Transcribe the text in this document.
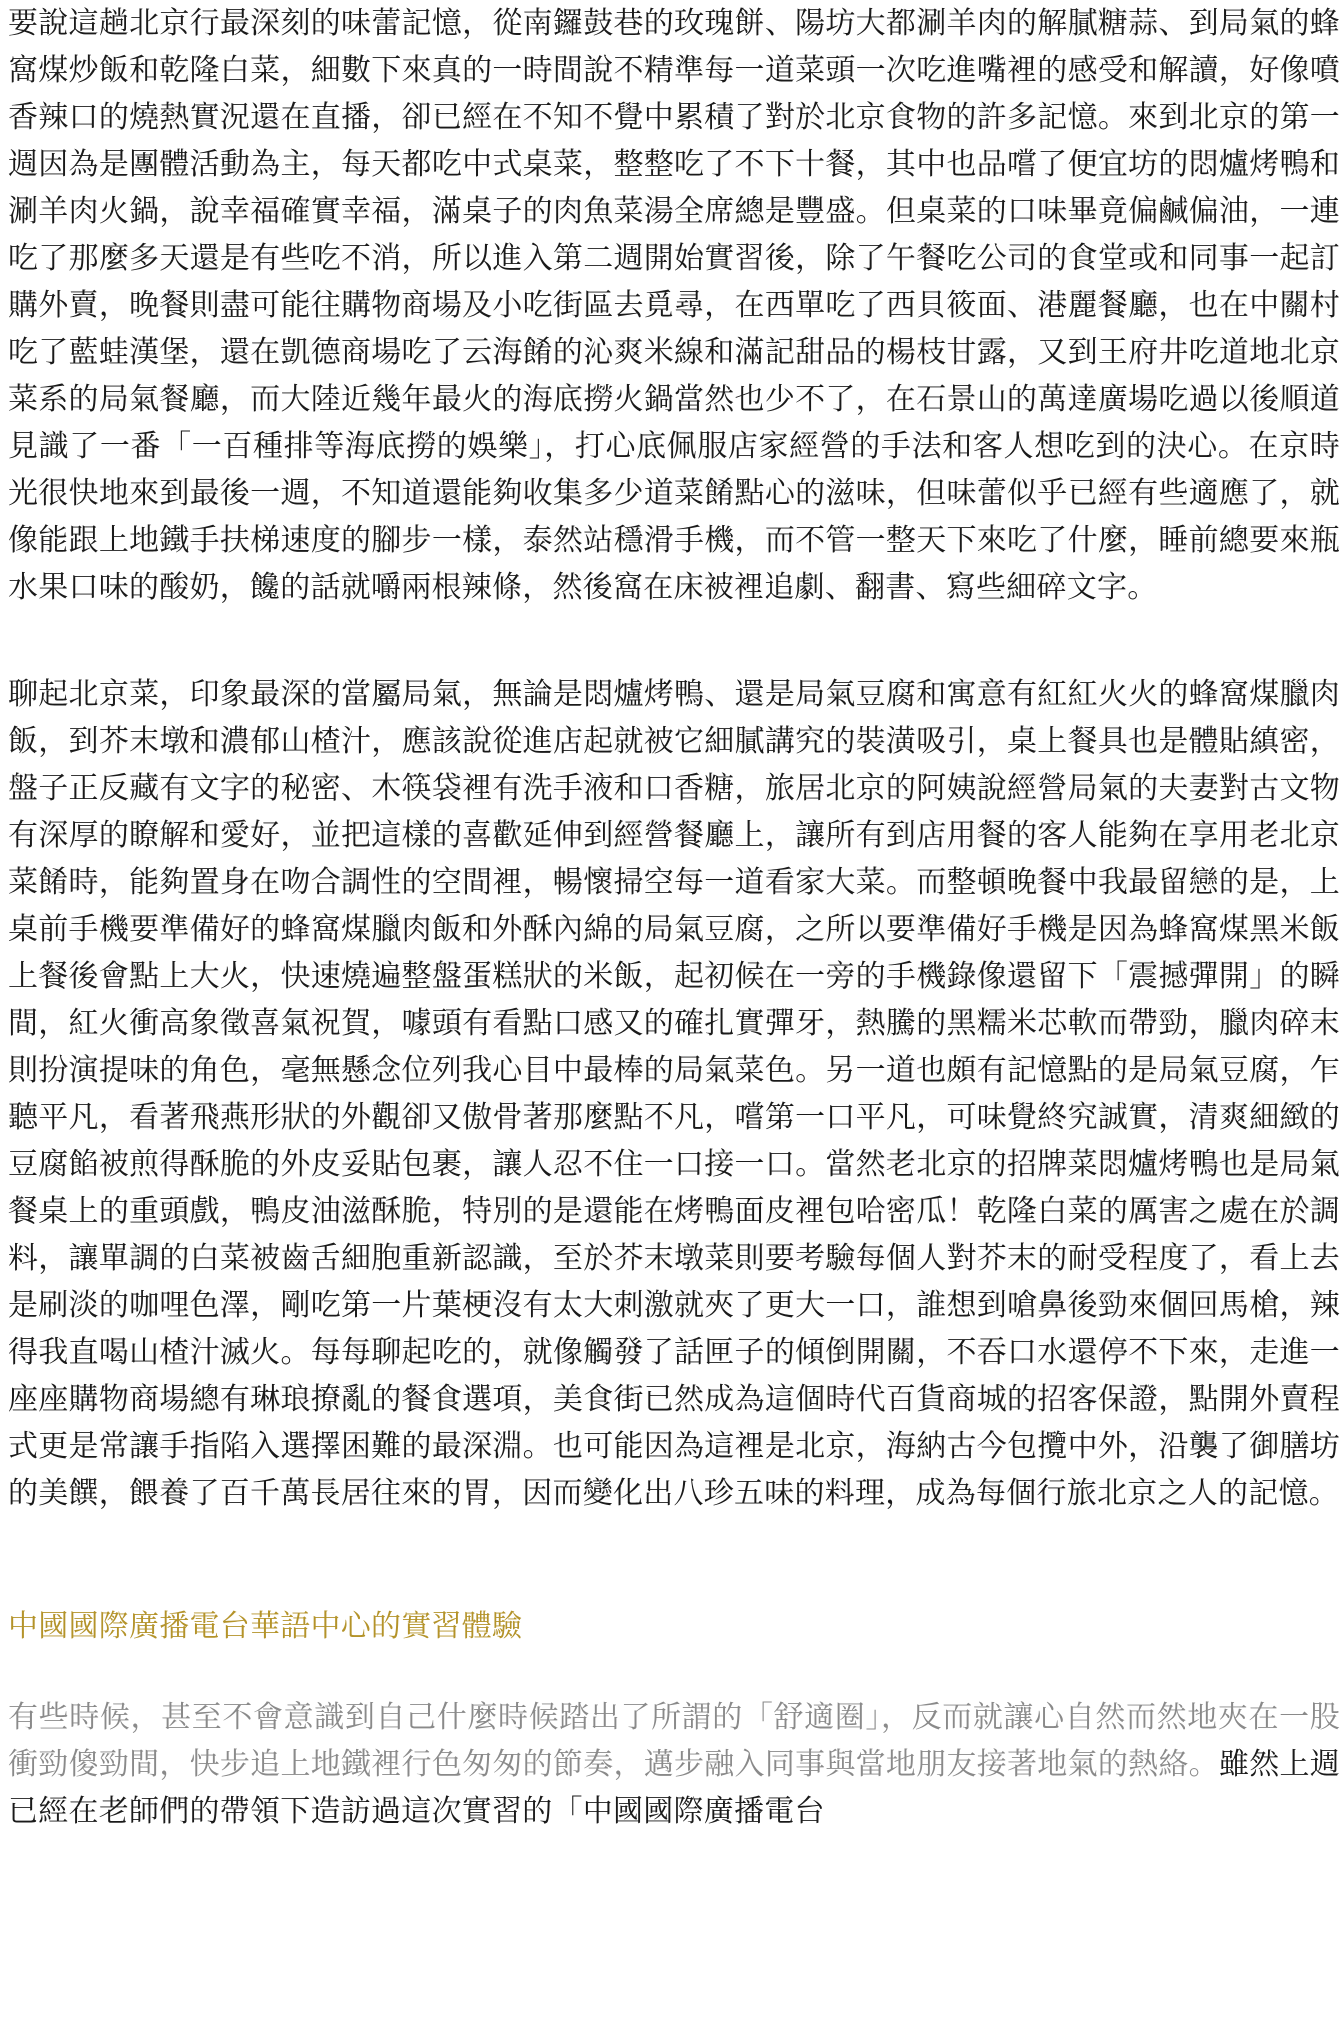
要說這趟北京行最深刻的味蕾記憶，從南鑼鼓巷的玫瑰餅、陽坊大都涮羊肉的解膩糖蒜、到局氣的蜂窩煤炒飯和乾隆白菜，細數下來真的一時間說不精準每一道菜頭一次吃進嘴裡的感受和解讀，好像噴香辣口的燒熱實況還在直播，卻已經在不知不覺中累積了對於北京食物的許多記憶。來到北京的第一週因為是團體活動為主，每天都吃中式桌菜，整整吃了不下十餐，其中也品嚐了便宜坊的悶爐烤鴨和涮羊肉火鍋，說幸福確實幸福，滿桌子的肉魚菜湯全席總是豐盛。但桌菜的口味畢竟偏鹹偏油，一連吃了那麼多天還是有些吃不消，所以進入第二週開始實習後，除了午餐吃公司的食堂或和同事一起訂購外賣，晚餐則盡可能往購物商場及小吃街區去覓尋，在西單吃了西貝筱面、港麗餐廳，也在中關村吃了藍蛙漢堡，還在凱德商場吃了云海餚的沁爽米線和滿記甜品的楊枝甘露，又到王府井吃道地北京菜系的局氣餐廳，而大陸近幾年最火的海底撈火鍋當然也少不了，在石景山的萬達廣場吃過以後順道見識了一番「一百種排等海底撈的娛樂」，打心底佩服店家經營的手法和客人想吃到的決心。在京時光很快地來到最後一週，不知道還能夠收集多少道菜餚點心的滋味，但味蕾似乎已經有些適應了，就像能跟上地鐵手扶梯速度的腳步一樣，泰然站穩滑手機，而不管一整天下來吃了什麼，睡前總要來瓶水果口味的酸奶，饞的話就嚼兩根辣條，然後窩在床被裡追劇、翻書、寫些細碎文字。

聊起北京菜，印象最深的當屬局氣，無論是悶爐烤鴨、還是局氣豆腐和寓意有紅紅火火的蜂窩煤臘肉飯，到芥末墩和濃郁山楂汁，應該說從進店起就被它細膩講究的裝潢吸引，桌上餐具也是體貼縝密，盤子正反藏有文字的秘密、木筷袋裡有洗手液和口香糖，旅居北京的阿姨說經營局氣的夫妻對古文物有深厚的瞭解和愛好，並把這樣的喜歡延伸到經營餐廳上，讓所有到店用餐的客人能夠在享用老北京菜餚時，能夠置身在吻合調性的空間裡，暢懷掃空每一道看家大菜。而整頓晚餐中我最留戀的是，上桌前手機要準備好的蜂窩煤臘肉飯和外酥內綿的局氣豆腐，之所以要準備好手機是因為蜂窩煤黑米飯上餐後會點上大火，快速燒遍整盤蛋糕狀的米飯，起初候在一旁的手機錄像還留下「震撼彈開」的瞬間，紅火衝高象徵喜氣祝賀，噱頭有看點口感又的確扎實彈牙，熱騰的黑糯米芯軟而帶勁，臘肉碎末則扮演提味的角色，毫無懸念位列我心目中最棒的局氣菜色。另一道也頗有記憶點的是局氣豆腐，乍聽平凡，看著飛燕形狀的外觀卻又傲骨著那麼點不凡，嚐第一口平凡，可味覺終究誠實，清爽細緻的豆腐餡被煎得酥脆的外皮妥貼包裹，讓人忍不住一口接一口。當然老北京的招牌菜悶爐烤鴨也是局氣餐桌上的重頭戲，鴨皮油滋酥脆，特別的是還能在烤鴨面皮裡包哈密瓜！乾隆白菜的厲害之處在於調料，讓單調的白菜被齒舌細胞重新認識，至於芥末墩菜則要考驗每個人對芥末的耐受程度了，看上去是刷淡的咖哩色澤，剛吃第一片葉梗沒有太大刺激就夾了更大一口，誰想到嗆鼻後勁來個回馬槍，辣得我直喝山楂汁滅火。每每聊起吃的，就像觸發了話匣子的傾倒開關，不吞口水還停不下來，走進一座座購物商場總有琳琅撩亂的餐食選項，美食街已然成為這個時代百貨商城的招客保證，點開外賣程式更是常讓手指陷入選擇困難的最深淵。也可能因為這裡是北京，海納古今包攬中外，沿襲了御膳坊的美饌，餵養了百千萬長居往來的胃，因而變化出八珍五味的料理，成為每個行旅北京之人的記憶。

中國國際廣播電台華語中心的實習體驗

有些時候，甚至不會意識到自己什麼時候踏出了所謂的「舒適圈」，反而就讓心自然而然地夾在一股衝勁傻勁間，快步追上地鐵裡行色匆匆的節奏，邁步融入同事與當地朋友接著地氣的熱絡。雖然上週已經在老師們的帶領下造訪過這次實習的「中國國際廣播電台
